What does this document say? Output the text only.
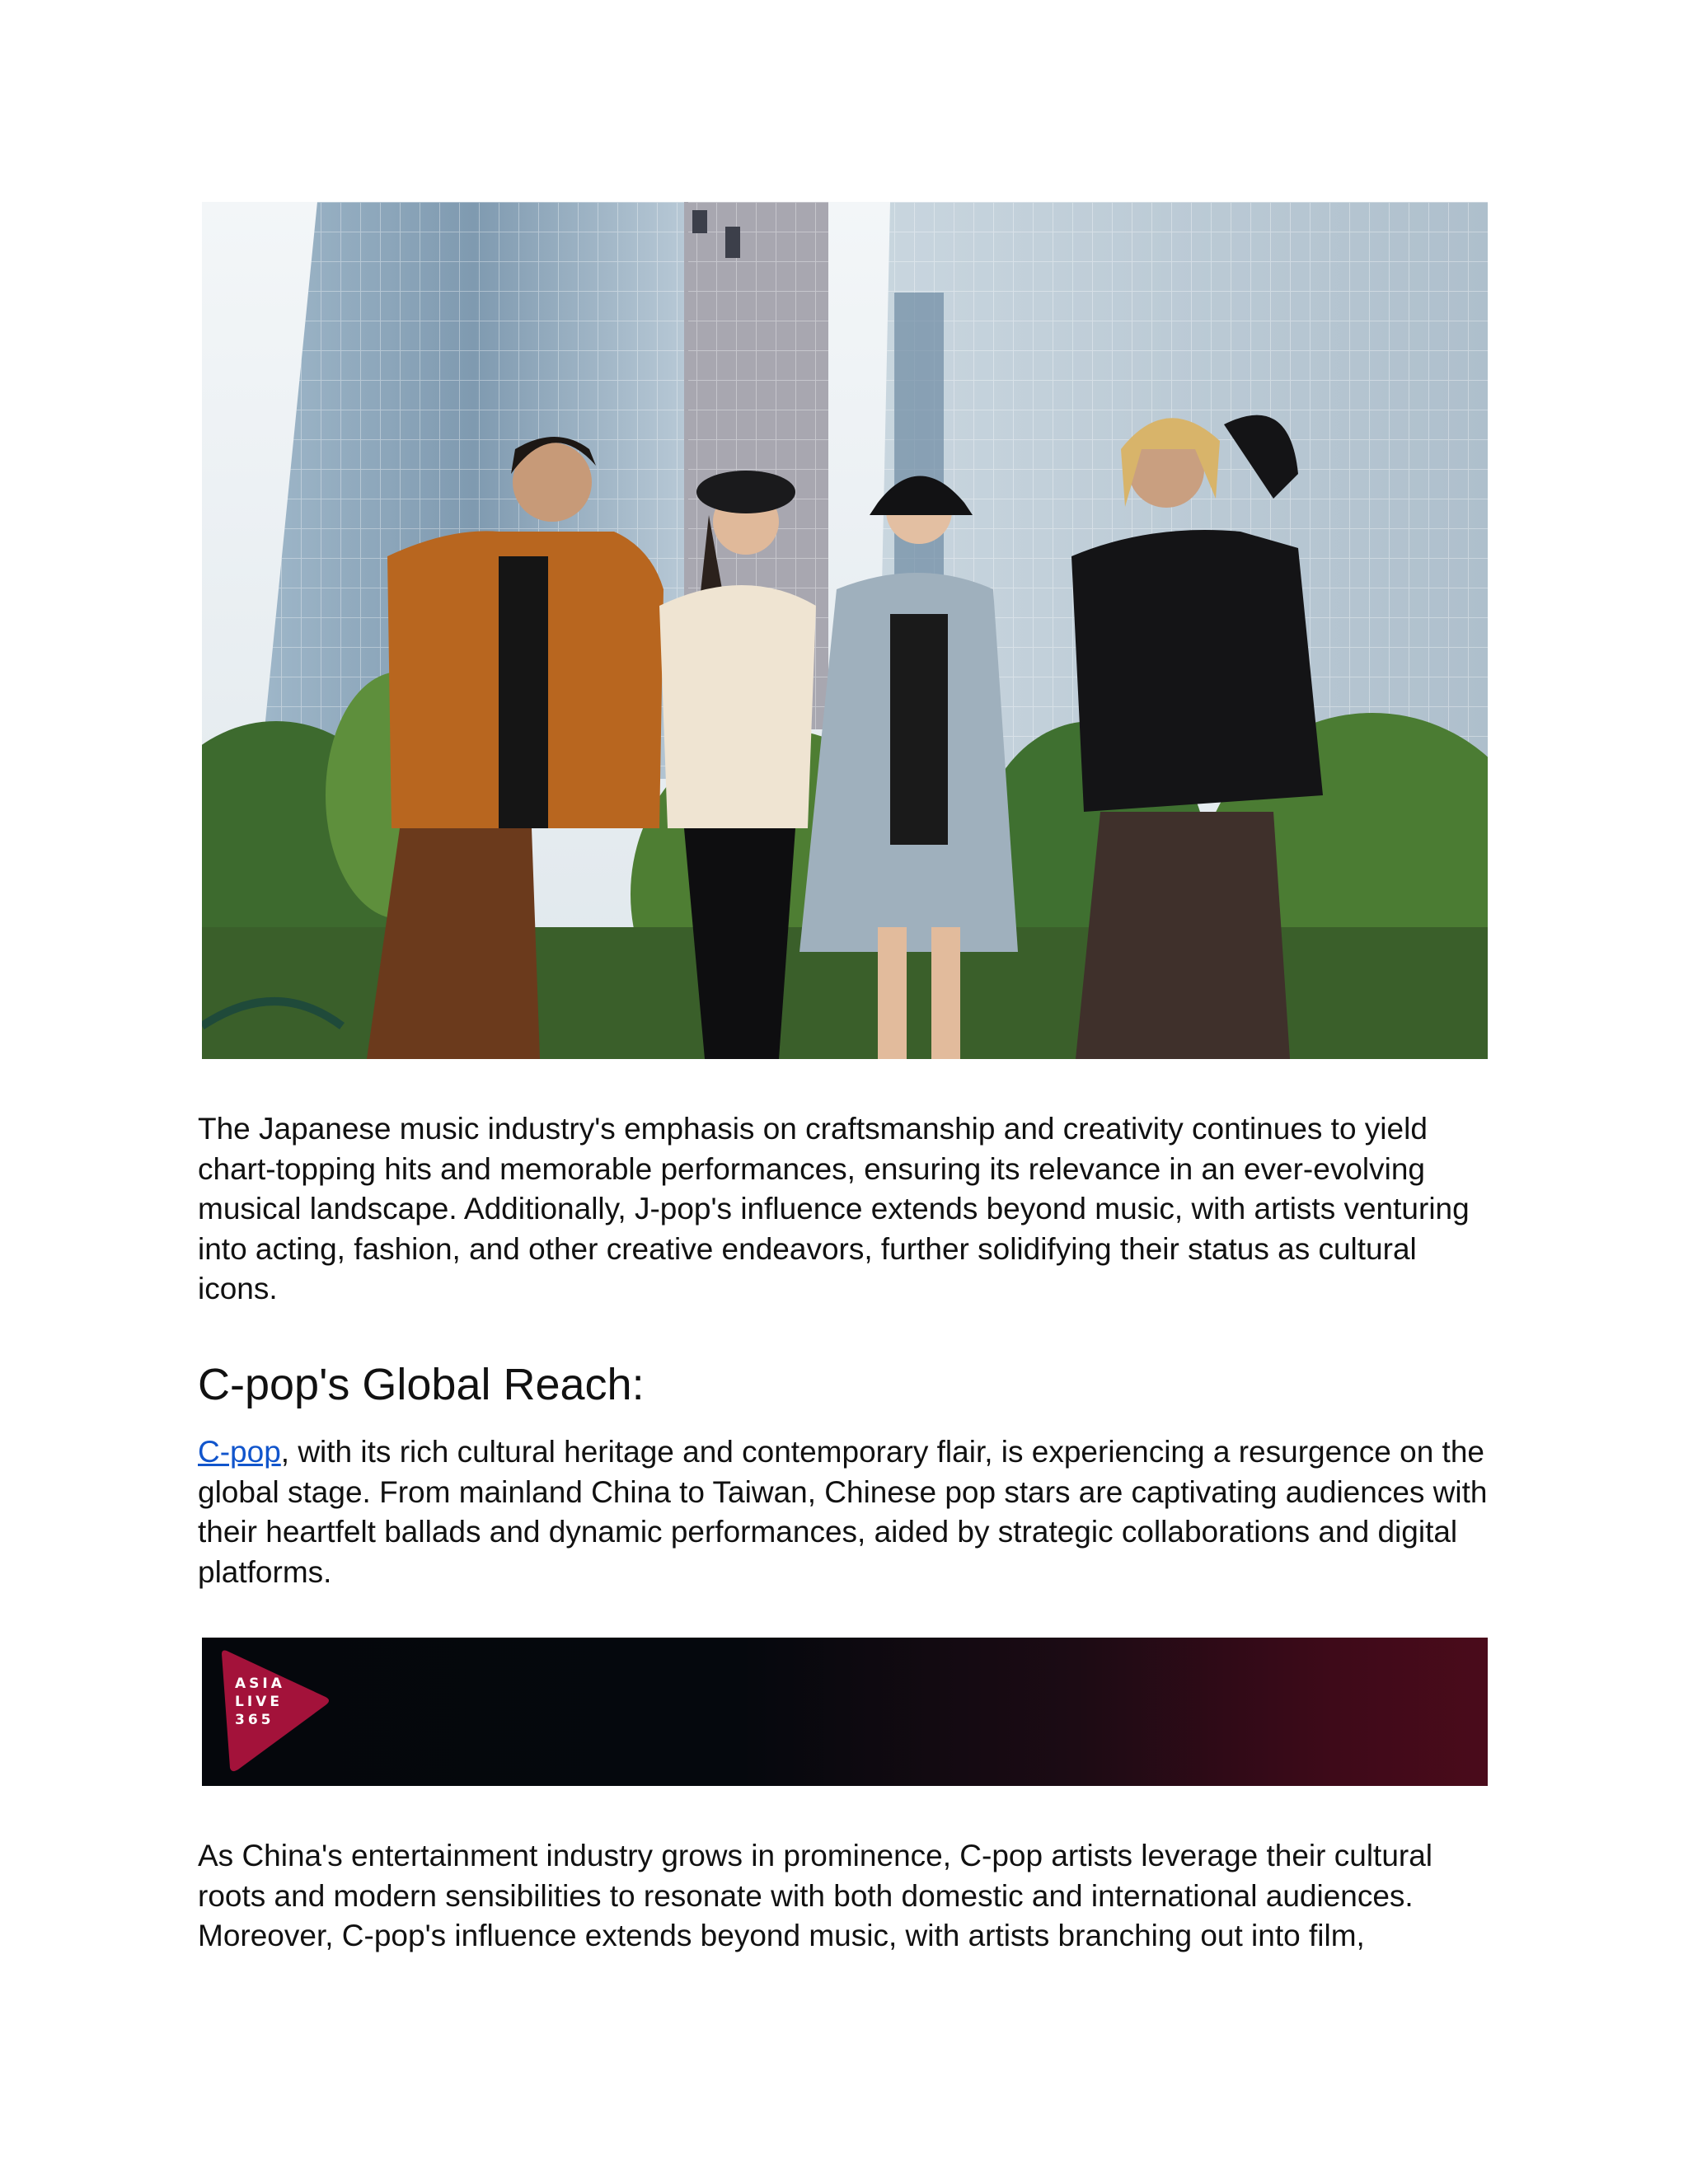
The Japanese music industry's emphasis on craftsmanship and creativity continues to yield chart-topping hits and memorable performances, ensuring its relevance in an ever-evolving musical landscape. Additionally, J-pop's influence extends beyond music, with artists venturing into acting, fashion, and other creative endeavors, further solidifying their status as cultural icons.

C-pop's Global Reach:

C-pop, with its rich cultural heritage and contemporary flair, is experiencing a resurgence on the global stage. From mainland China to Taiwan, Chinese pop stars are captivating audiences with their heartfelt ballads and dynamic performances, aided by strategic collaborations and digital platforms.

ASIA
LIVE
365

As China's entertainment industry grows in prominence, C-pop artists leverage their cultural roots and modern sensibilities to resonate with both domestic and international audiences. Moreover, C-pop's influence extends beyond music, with artists branching out into film,
